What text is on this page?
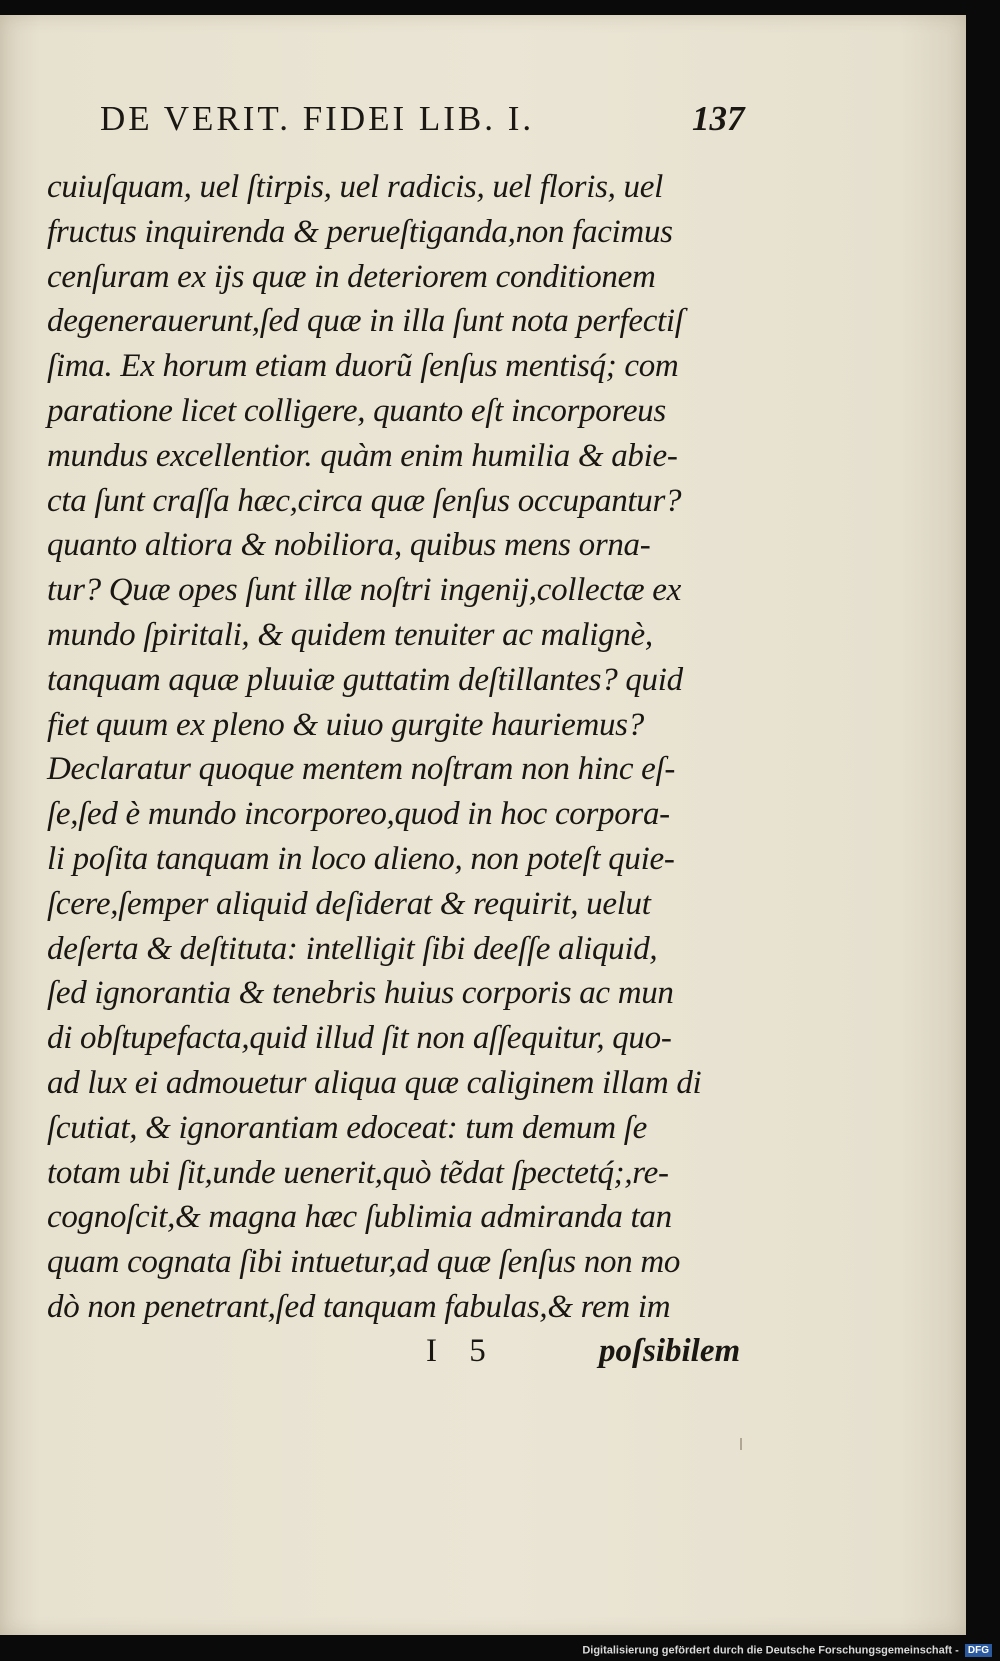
DE VERIT. FIDEI LIB. I.	137
cuiuſquam, uel ſtirpis, uel radicis, uel floris, uel
fructus inquirenda & perueſtiganda,non facimus
cenſuram ex ijs quæ in deteriorem conditionem
degenerauerunt,ſed quæ in illa ſunt nota perfectiſ
ſima. Ex horum etiam duorũ ſenſus mentisq́; com
paratione licet colligere, quanto eſt incorporeus
mundus excellentior. quàm enim humilia & abie-
cta ſunt craſſa hæc,circa quæ ſenſus occupantur?
quanto altiora & nobiliora, quibus mens orna-
tur? Quæ opes ſunt illæ noſtri ingenij,collectæ ex
mundo ſpiritali, & quidem tenuiter ac malignè,
tanquam aquæ pluuiæ guttatim deſtillantes? quid
fiet quum ex pleno & uiuo gurgite hauriemus?
Declaratur quoque mentem noſtram non hinc eſ-
ſe,ſed è mundo incorporeo,quod in hoc corpora-
li poſita tanquam in loco alieno, non poteſt quie-
ſcere,ſemper aliquid deſiderat & requirit, uelut
deſerta & deſtituta: intelligit ſibi deeſſe aliquid,
ſed ignorantia & tenebris huius corporis ac mun
di obſtupefacta,quid illud ſit non aſſequitur, quo-
ad lux ei admouetur aliqua quæ caliginem illam di
ſcutiat, & ignorantiam edoceat: tum demum ſe
totam ubi ſit,unde uenerit,quò tẽdat ſpectetq́;,re-
cognoſcit,& magna hæc ſublimia admiranda tan
quam cognata ſibi intuetur,ad quæ ſenſus non mo
dò non penetrant,ſed tanquam fabulas,& rem im
I 5	poſsibilem
Digitalisierung gefördert durch die Deutsche Forschungsgemeinschaft - DFG
